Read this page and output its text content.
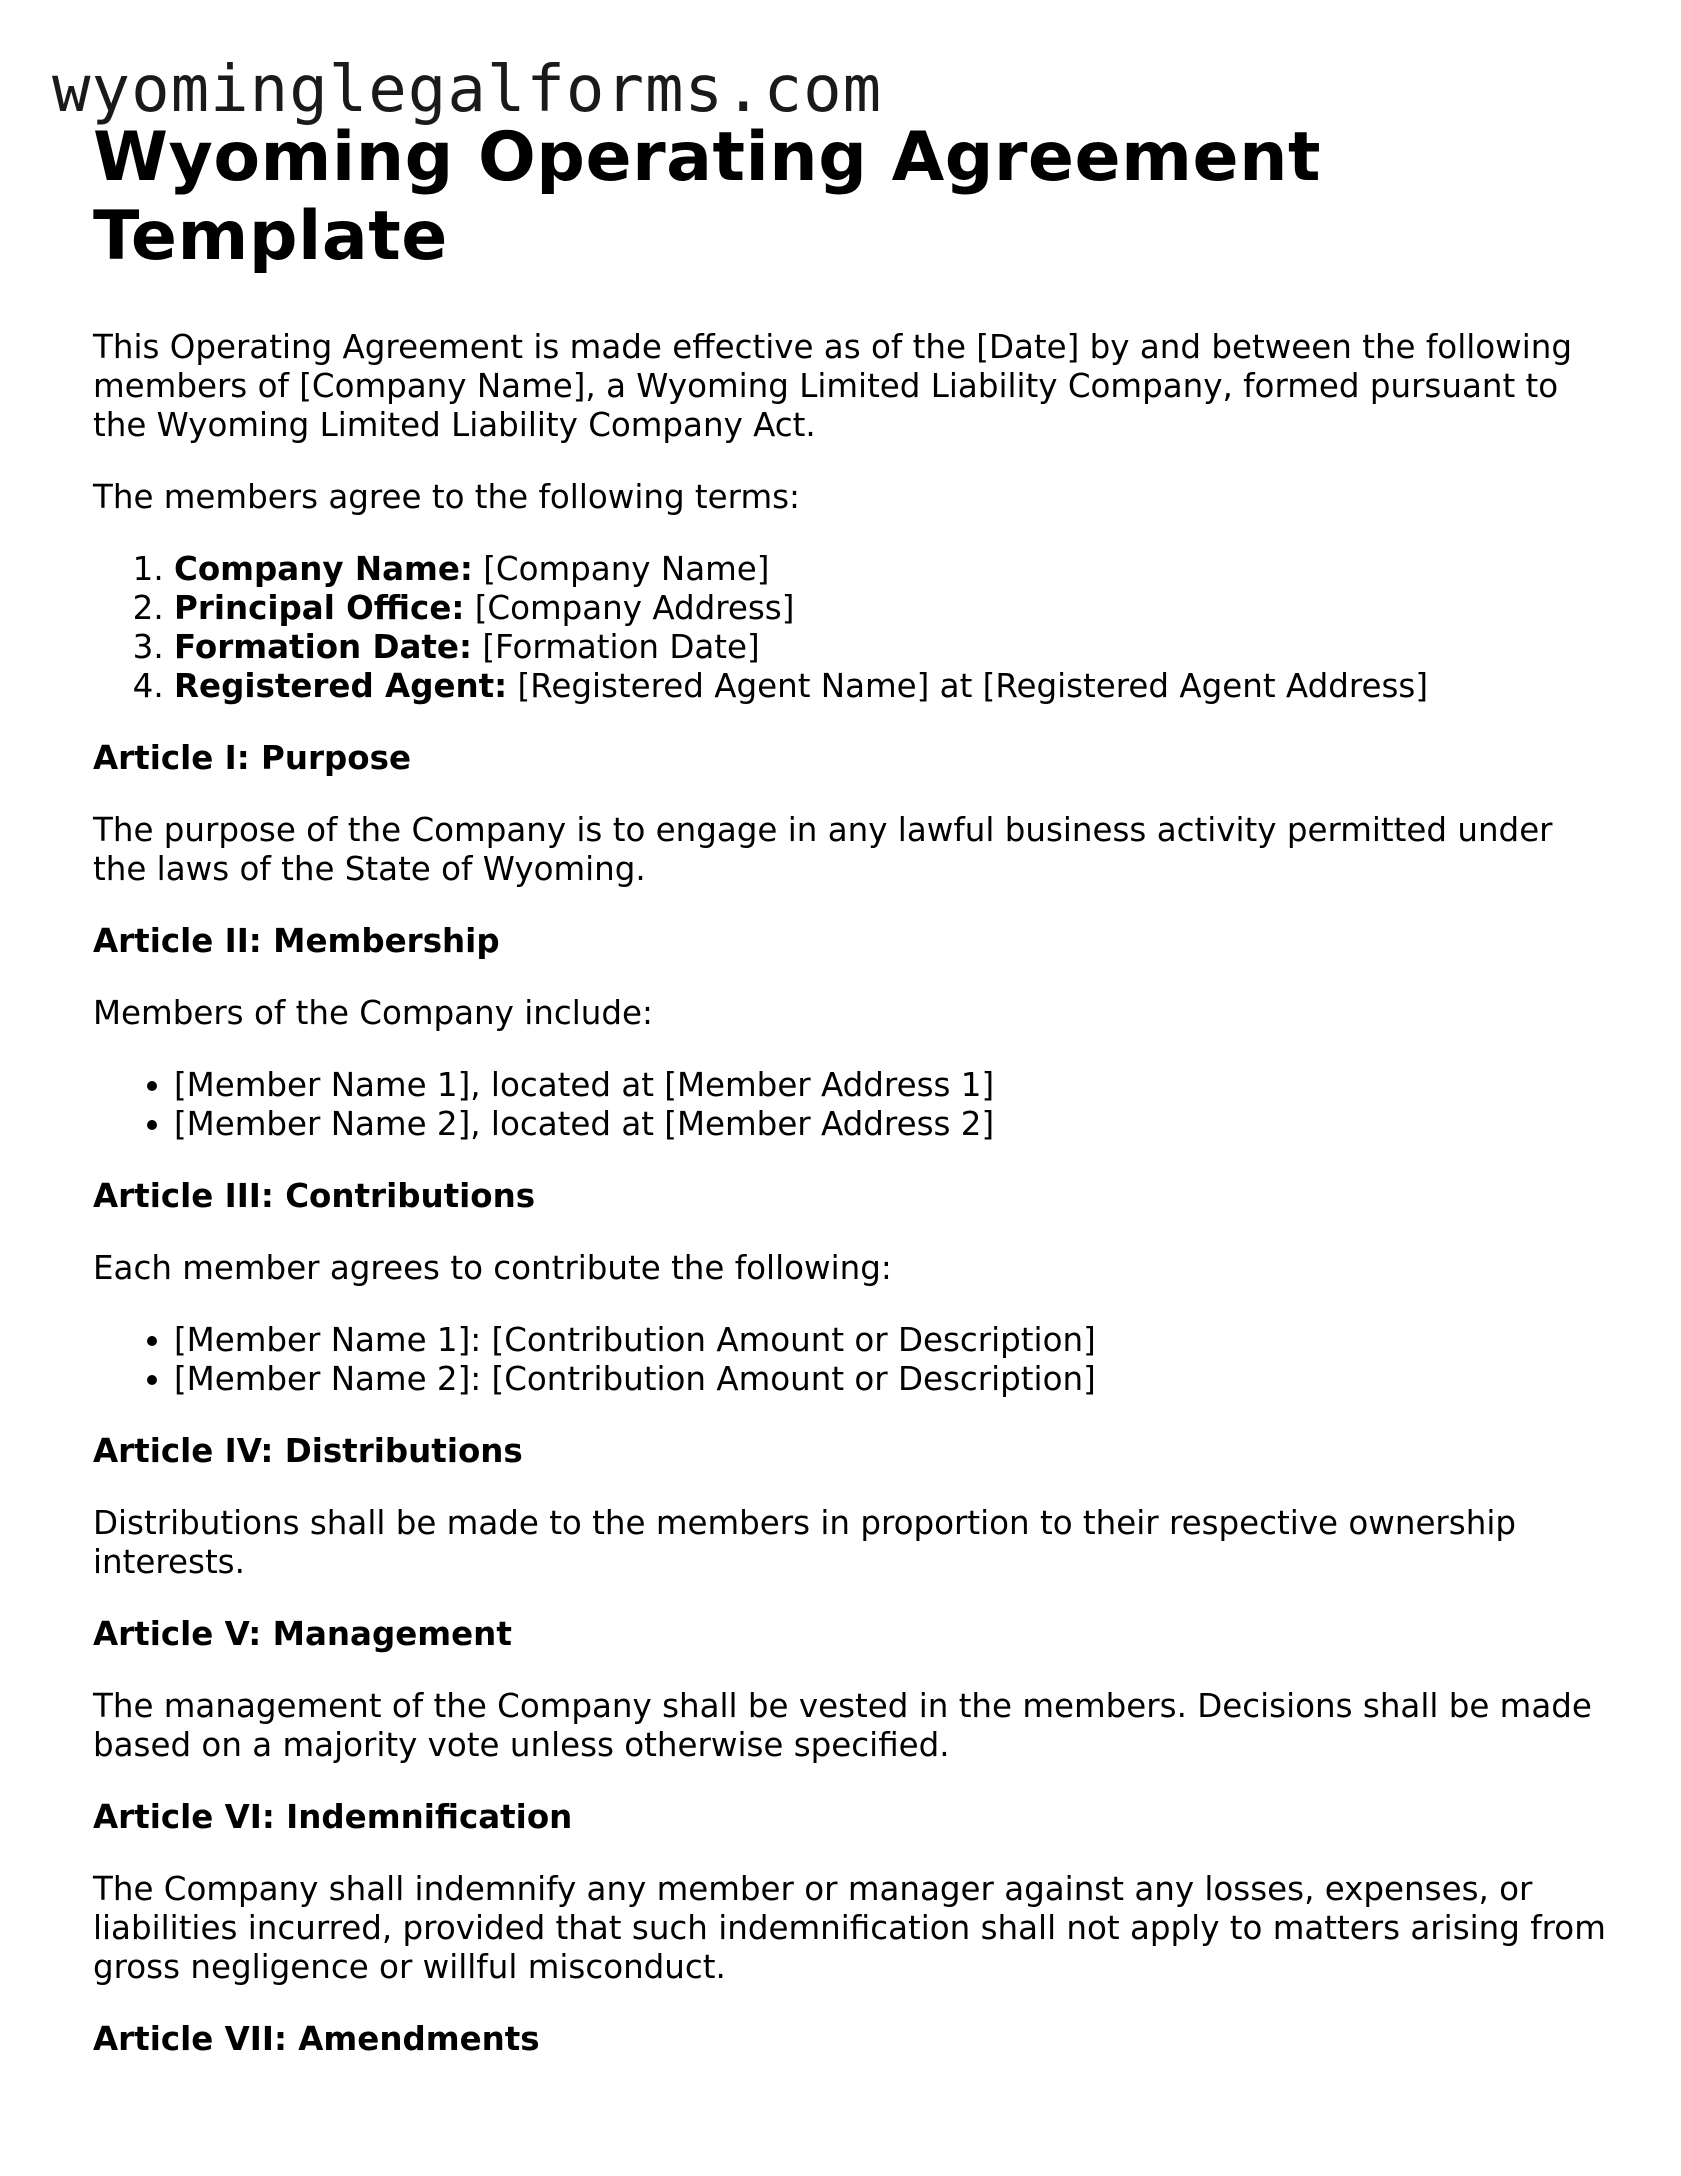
wyominglegalforms.com
Wyoming Operating Agreement Template

This Operating Agreement is made effective as of the [Date] by and between the following members of [Company Name], a Wyoming Limited Liability Company, formed pursuant to the Wyoming Limited Liability Company Act.

The members agree to the following terms:

1. Company Name: [Company Name]
2. Principal Office: [Company Address]
3. Formation Date: [Formation Date]
4. Registered Agent: [Registered Agent Name] at [Registered Agent Address]

Article I: Purpose

The purpose of the Company is to engage in any lawful business activity permitted under the laws of the State of Wyoming.

Article II: Membership

Members of the Company include:

• [Member Name 1], located at [Member Address 1]
• [Member Name 2], located at [Member Address 2]

Article III: Contributions

Each member agrees to contribute the following:

• [Member Name 1]: [Contribution Amount or Description]
• [Member Name 2]: [Contribution Amount or Description]

Article IV: Distributions

Distributions shall be made to the members in proportion to their respective ownership interests.

Article V: Management

The management of the Company shall be vested in the members. Decisions shall be made based on a majority vote unless otherwise specified.

Article VI: Indemnification

The Company shall indemnify any member or manager against any losses, expenses, or liabilities incurred, provided that such indemnification shall not apply to matters arising from gross negligence or willful misconduct.

Article VII: Amendments
